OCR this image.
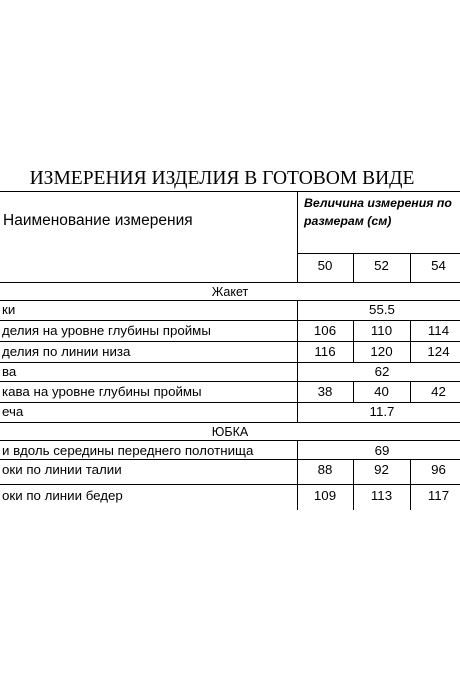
ИЗМЕРЕНИЯ ИЗДЕЛИЯ В ГОТОВОМ ВИДЕ
Наименование измерения
Величина измерения по
размерам (см)
50	52	54
Жакет
ки	55.5
делия на уровне глубины проймы	106	110	114
делия по линии низа	116	120	124
ва	62
кава на уровне глубины проймы	38	40	42
еча	11.7
ЮБКА
и вдоль середины переднего полотнища	69
оки по линии талии	88	92	96
оки по линии бедер	109	113	117
